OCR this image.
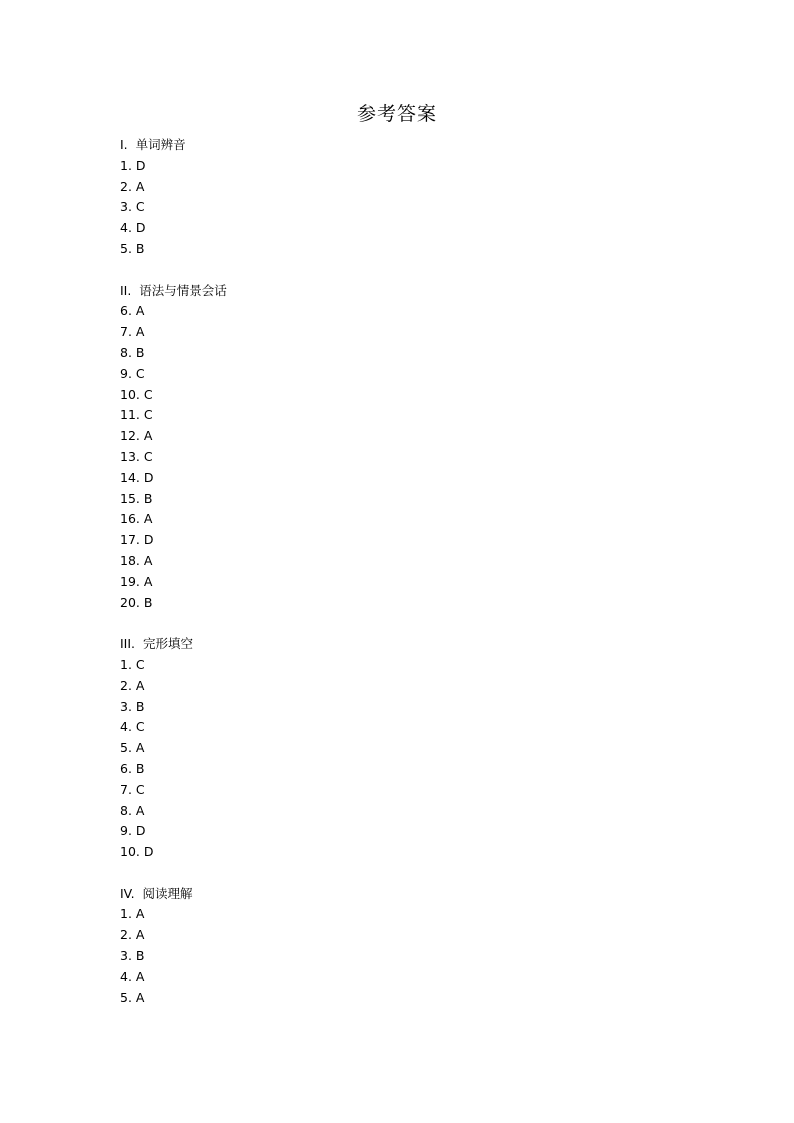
参考答案
I.  单词辨音
1. D
2. A
3. C
4. D
5. B
II.  语法与情景会话
6. A
7. A
8. B
9. C
10. C
11. C
12. A
13. C
14. D
15. B
16. A
17. D
18. A
19. A
20. B
III.  完形填空
1. C
2. A
3. B
4. C
5. A
6. B
7. C
8. A
9. D
10. D
IV.  阅读理解
1. A
2. A
3. B
4. A
5. A
